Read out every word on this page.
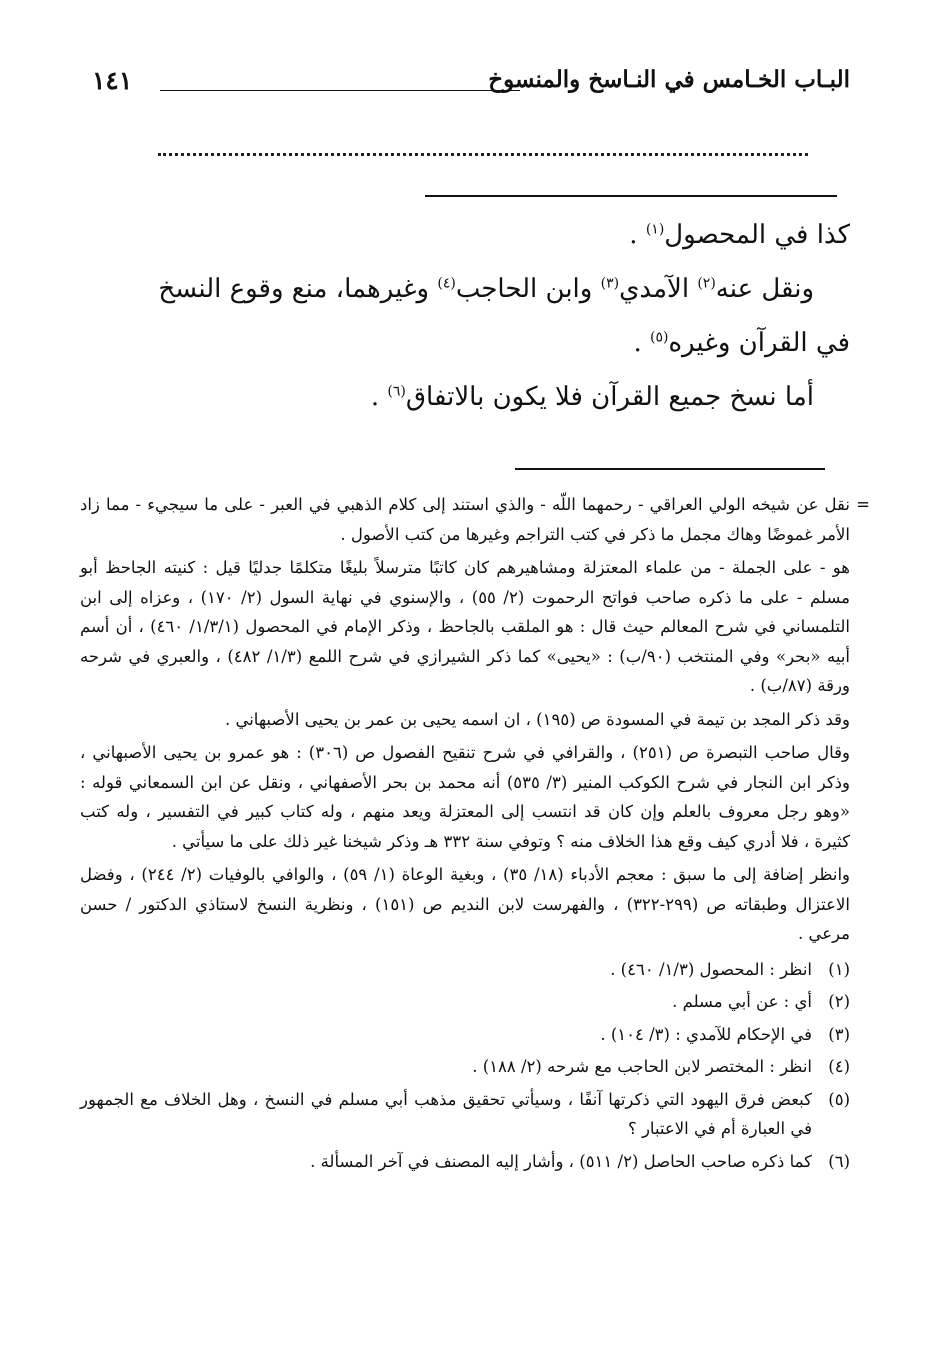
١٤١	البـاب الخـامس في النـاسخ والمنسوخ

كذا في المحصول$^{(١)}$ .

ونقل عنه$^{(٢)}$ الآمدي$^{(٣)}$ وابن الحاجب$^{(٤)}$ وغيرهما، منع وقوع النسخ

في القرآن وغيره$^{(٥)}$ .

أما نسخ جميع القرآن فلا يكون بالاتفاق$^{(٦)}$ .

=
نقل عن شيخه الولي العراقي - رحمهما اللّه - والذي استند إلى كلام الذهبي في العبر - على ما سيجيء - مما زاد الأمر غموضًا وهاك مجمل ما ذكر في كتب التراجم وغيرها من كتب الأصول .

هو - على الجملة - من علماء المعتزلة ومشاهيرهم كان كاتبًا مترسلاً بليغًا متكلمًا جدليًا قيل : كنيته الجاحظ أبو مسلم - على ما ذكره صاحب فواتح الرحموت (٢/ ٥٥) ، والإسنوي في نهاية السول (٢/ ١٧٠) ، وعزاه إلى ابن التلمساني في شرح المعالم حيث قال : هو الملقب بالجاحظ ، وذكر الإمام في المحصول (١/٣/١/ ٤٦٠) ، أن أسم أبيه «بحر» وفي المنتخب (٩٠/ب) : «يحيى» كما ذكر الشيرازي في شرح اللمع (١/٣/ ٤٨٢) ، والعبري في شرحه ورقة (٨٧/ب) .

وقد ذكر المجد بن تيمة في المسودة ص (١٩٥) ، ان اسمه يحيى بن عمر بن يحيى الأصبهاني .

وقال صاحب التبصرة ص (٢٥١) ، والقرافي في شرح تنقيح الفصول ص (٣٠٦) : هو عمرو بن يحيى الأصبهاني ، وذكر ابن النجار في شرح الكوكب المنير (٣/ ٥٣٥) أنه محمد بن بحر الأصفهاني ، ونقل عن ابن السمعاني قوله : «وهو رجل معروف بالعلم وإن كان قد انتسب إلى المعتزلة ويعد منهم ، وله كتاب كبير في التفسير ، وله كتب كثيرة ، فلا أدري كيف وقع هذا الخلاف منه ؟ وتوفي سنة ٣٣٢ هـ وذكر شيخنا غير ذلك على ما سيأتي .

وانظر إضافة إلى ما سبق : معجم الأدباء (١٨/ ٣٥) ، وبغية الوعاة (١/ ٥٩) ، والوافي بالوفيات (٢/ ٢٤٤) ، وفضل الاعتزال وطبقاته ص (٢٩٩-٣٢٢) ، والفهرست لابن النديم ص (١٥١) ، ونظرية النسخ لاستاذي الدكتور / حسن مرعي .

(١)
انظر : المحصول (١/٣/ ٤٦٠) .
(٢)
أي : عن أبي مسلم .
(٣)
في الإحكام للآمدي : (٣/ ١٠٤) .
(٤)
انظر : المختصر لابن الحاجب مع شرحه (٢/ ١٨٨) .
(٥)
كبعض فرق اليهود التي ذكرتها آنفًا ، وسيأتي تحقيق مذهب أبي مسلم في النسخ ، وهل الخلاف مع الجمهور في العبارة أم في الاعتبار ؟
(٦)
كما ذكره صاحب الحاصل (٢/ ٥١١) ، وأشار إليه المصنف في آخر المسألة .
